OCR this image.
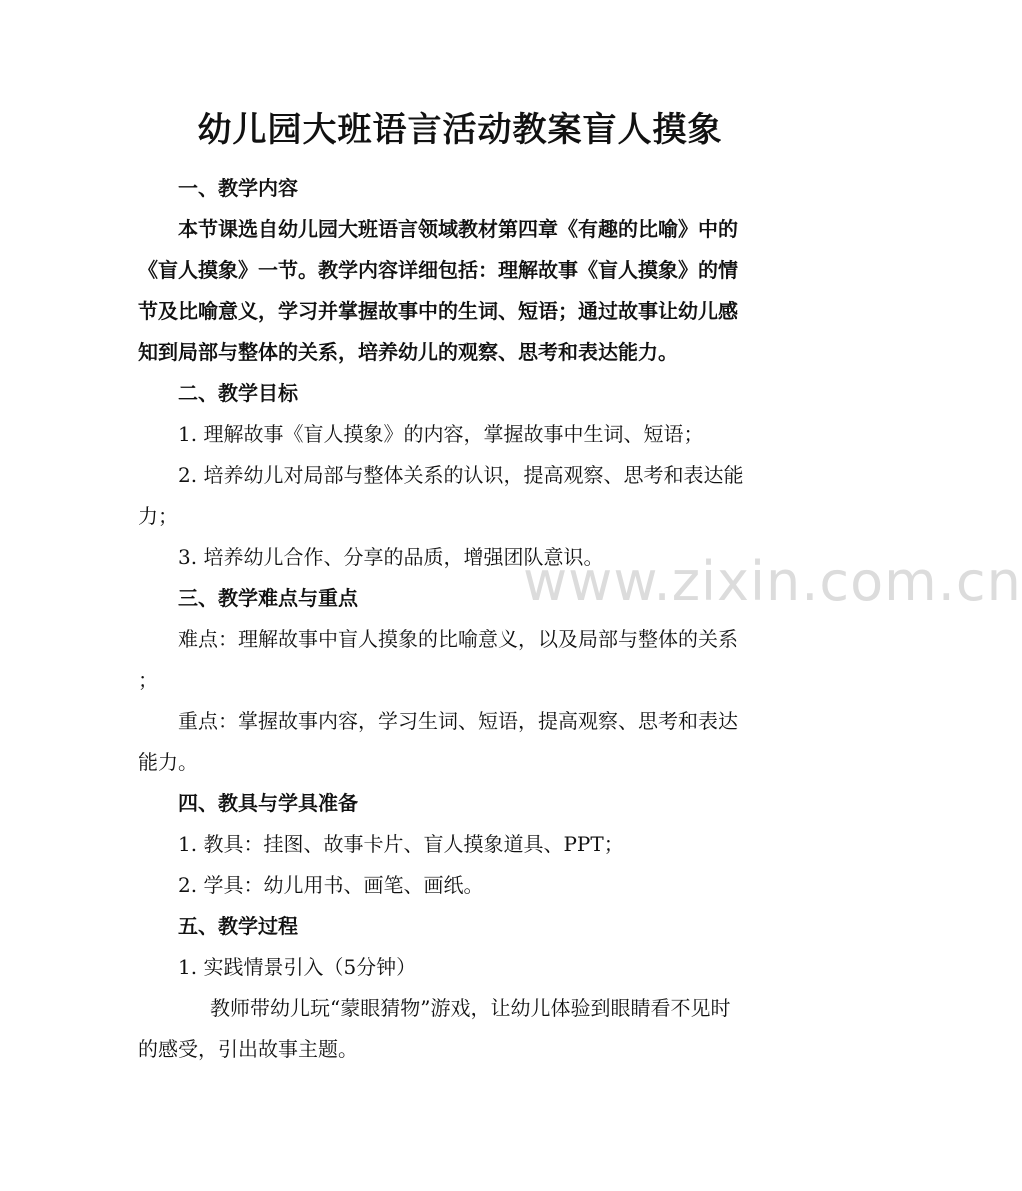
幼儿园大班语言活动教案盲人摸象
www.zixin.com.cn
一、教学内容
本节课选自幼儿园大班语言领域教材第四章《有趣的比喻》中的
《盲人摸象》一节。教学内容详细包括：理解故事《盲人摸象》的情
节及比喻意义，学习并掌握故事中的生词、短语；通过故事让幼儿感
知到局部与整体的关系，培养幼儿的观察、思考和表达能力。
二、教学目标
1. 理解故事《盲人摸象》的内容，掌握故事中生词、短语；
2. 培养幼儿对局部与整体关系的认识，提高观察、思考和表达能
力；
3. 培养幼儿合作、分享的品质，增强团队意识。
三、教学难点与重点
难点：理解故事中盲人摸象的比喻意义，以及局部与整体的关系
；
重点：掌握故事内容，学习生词、短语，提高观察、思考和表达
能力。
四、教具与学具准备
1. 教具：挂图、故事卡片、盲人摸象道具、PPT；
2. 学具：幼儿用书、画笔、画纸。
五、教学过程
1. 实践情景引入（5分钟）
教师带幼儿玩“蒙眼猜物”游戏，让幼儿体验到眼睛看不见时
的感受，引出故事主题。
